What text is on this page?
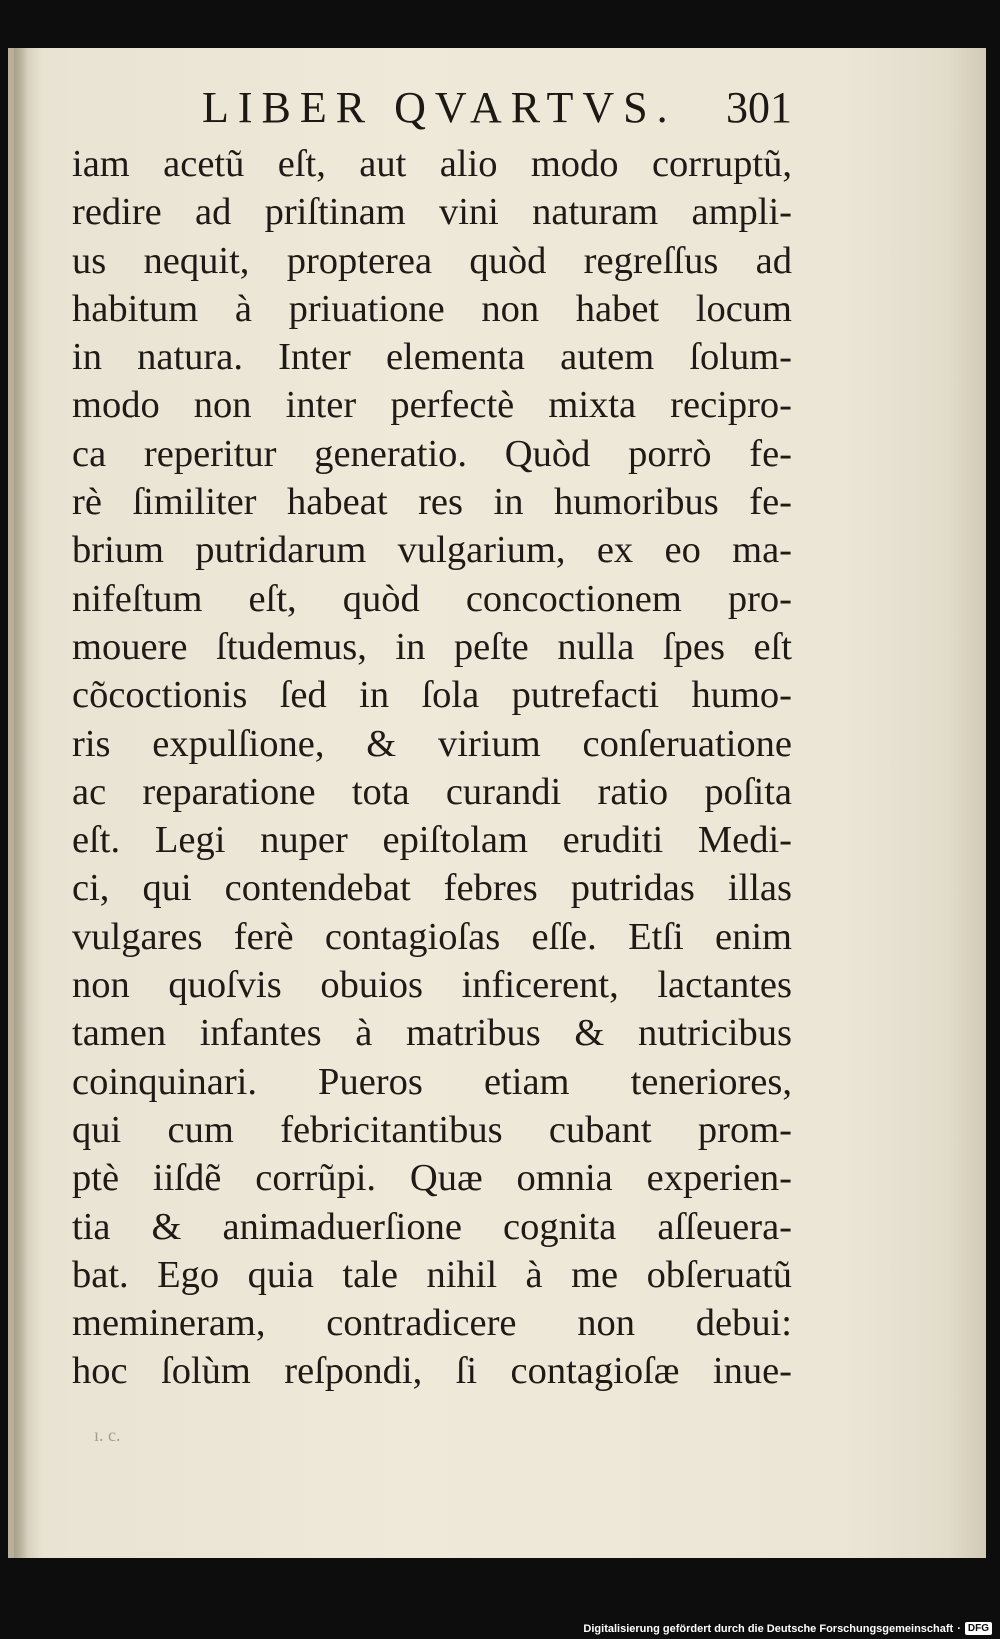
LIBER QVARTVS.	301
iam acetũ eſt, aut alio modo corruptũ,
redire ad priſtinam vini naturam ampli-
us nequit, propterea quòd regreſſus ad
habitum à priuatione non habet locum
in natura. Inter elementa autem ſolum-
modo non inter perfectè mixta recipro-
ca reperitur generatio. Quòd porrò fe-
rè ſimiliter habeat res in humoribus fe-
brium putridarum vulgarium, ex eo ma-
nifeſtum eſt, quòd concoctionem pro-
mouere ſtudemus, in peſte nulla ſpes eſt
cõcoctionis ſed in ſola putrefacti humo-
ris expulſione, & virium conſeruatione
ac reparatione tota curandi ratio poſita
eſt. Legi nuper epiſtolam eruditi Medi-
ci, qui contendebat febres putridas illas
vulgares ferè contagioſas eſſe. Etſi enim
non quoſvis obuios inficerent, lactantes
tamen infantes à matribus & nutricibus
coinquinari. Pueros etiam teneriores,
qui cum febricitantibus cubant prom-
ptè iiſdẽ corrũpi. Quæ omnia experien-
tia & animaduerſione cognita aſſeuera-
bat. Ego quia tale nihil à me obſeruatũ
memineram, contradicere non debui:
hoc ſolùm reſpondi, ſi contagioſæ inue-
ı. c.
Digitalisierung gefördert durch die Deutsche Forschungsgemeinschaft · DFG
